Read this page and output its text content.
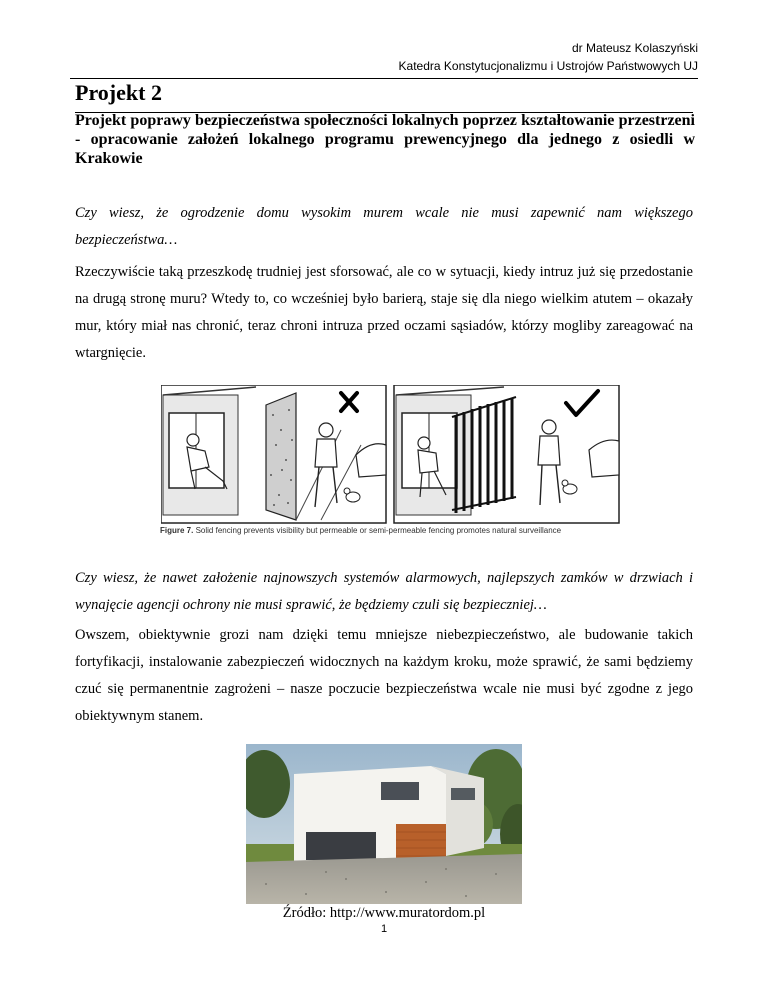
dr Mateusz Kolaszyński
Katedra Konstytucjonalizmu i Ustrojów Państwowych UJ
Projekt 2
Projekt poprawy bezpieczeństwa społeczności lokalnych poprzez kształtowanie przestrzeni - opracowanie założeń lokalnego programu prewencyjnego dla jednego z osiedli w Krakowie

Czy wiesz, że ogrodzenie domu wysokim murem wcale nie musi zapewnić nam większego bezpieczeństwa…

Rzeczywiście taką przeszkodę trudniej jest sforsować, ale co w sytuacji, kiedy intruz już się przedostanie na drugą stronę muru? Wtedy to, co wcześniej było barierą, staje się dla niego wielkim atutem – okazały mur, który miał nas chronić, teraz chroni intruza przed oczami sąsiadów, którzy mogliby zareagować na wtargnięcie.

Figure 7. Solid fencing prevents visibility but permeable or semi-permeable fencing promotes natural surveillance

Czy wiesz, że nawet założenie najnowszych systemów alarmowych, najlepszych zamków w drzwiach i wynajęcie agencji ochrony nie musi sprawić, że będziemy czuli się bezpieczniej…

Owszem, obiektywnie grozi nam dzięki temu mniejsze niebezpieczeństwo, ale budowanie takich fortyfikacji, instalowanie zabezpieczeń widocznych na każdym kroku, może sprawić, że sami będziemy czuć się permanentnie zagrożeni – nasze poczucie bezpieczeństwa wcale nie musi być zgodne z jego obiektywnym stanem.

Źródło: http://www.muratordom.pl
1
